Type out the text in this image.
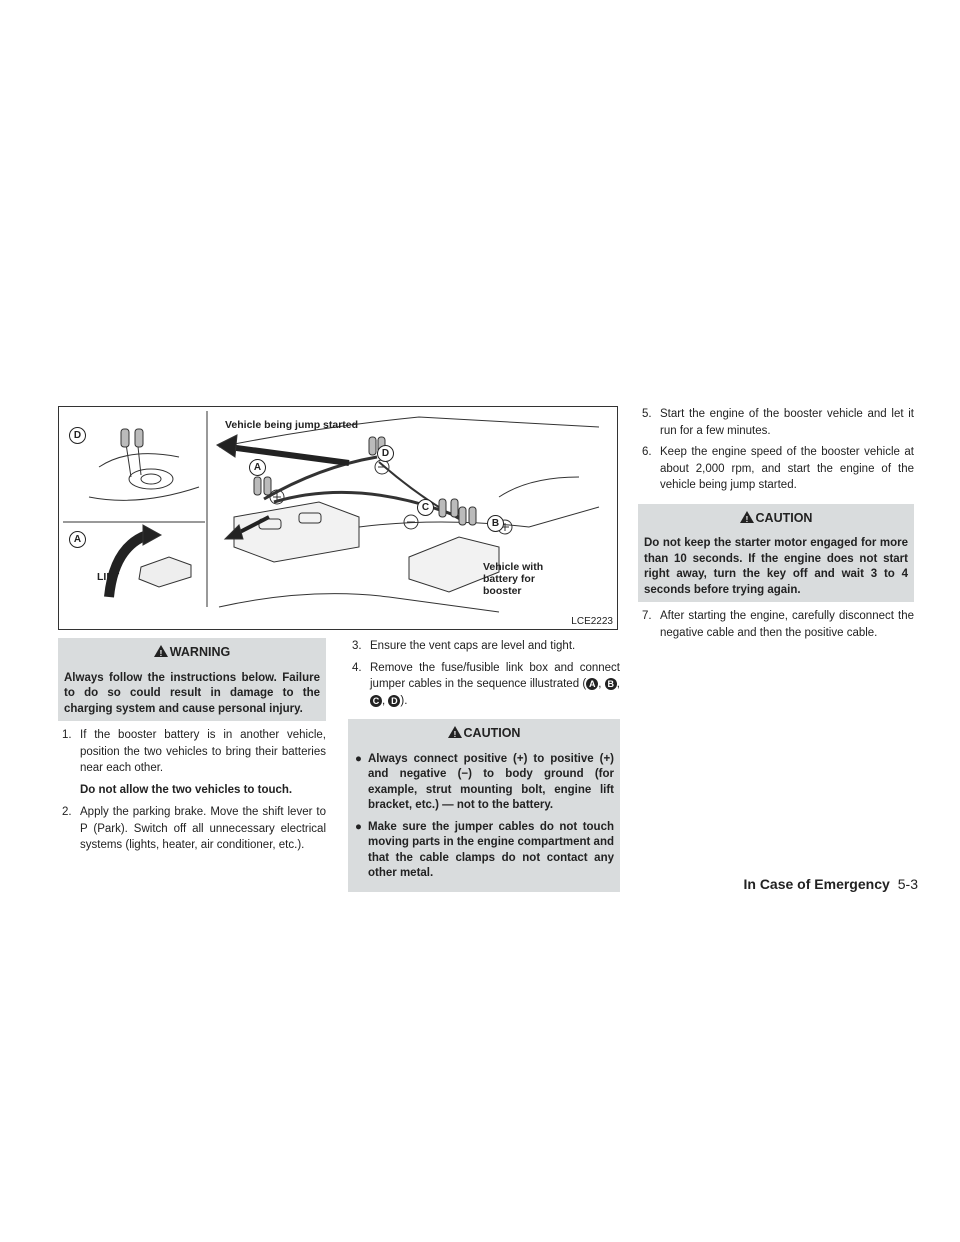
Vehicle being jump started
Vehicle with
battery for
booster
LIFT
D
A
A
D
C
B
LCE2223
! WARNING
Always follow the instructions below. Failure to do so could result in damage to the charging system and cause personal injury.
1. If the booster battery is in another vehicle, position the two vehicles to bring their batteries near each other.
Do not allow the two vehicles to touch.
2. Apply the parking brake. Move the shift lever to P (Park). Switch off all unnecessary electrical systems (lights, heater, air conditioner, etc.).
3. Ensure the vent caps are level and tight.
4. Remove the fuse/fusible link box and connect jumper cables in the sequence illustrated ( A , B , C , D ).
! CAUTION
● Always connect positive (+) to positive (+) and negative (−) to body ground (for example, strut mounting bolt, engine lift bracket, etc.) — not to the battery.
● Make sure the jumper cables do not touch moving parts in the engine compartment and that the cable clamps do not contact any other metal.
5. Start the engine of the booster vehicle and let it run for a few minutes.
6. Keep the engine speed of the booster vehicle at about 2,000 rpm, and start the engine of the vehicle being jump started.
! CAUTION
Do not keep the starter motor engaged for more than 10 seconds. If the engine does not start right away, turn the key off and wait 3 to 4 seconds before trying again.
7. After starting the engine, carefully disconnect the negative cable and then the positive cable.
In Case of Emergency 5-3
